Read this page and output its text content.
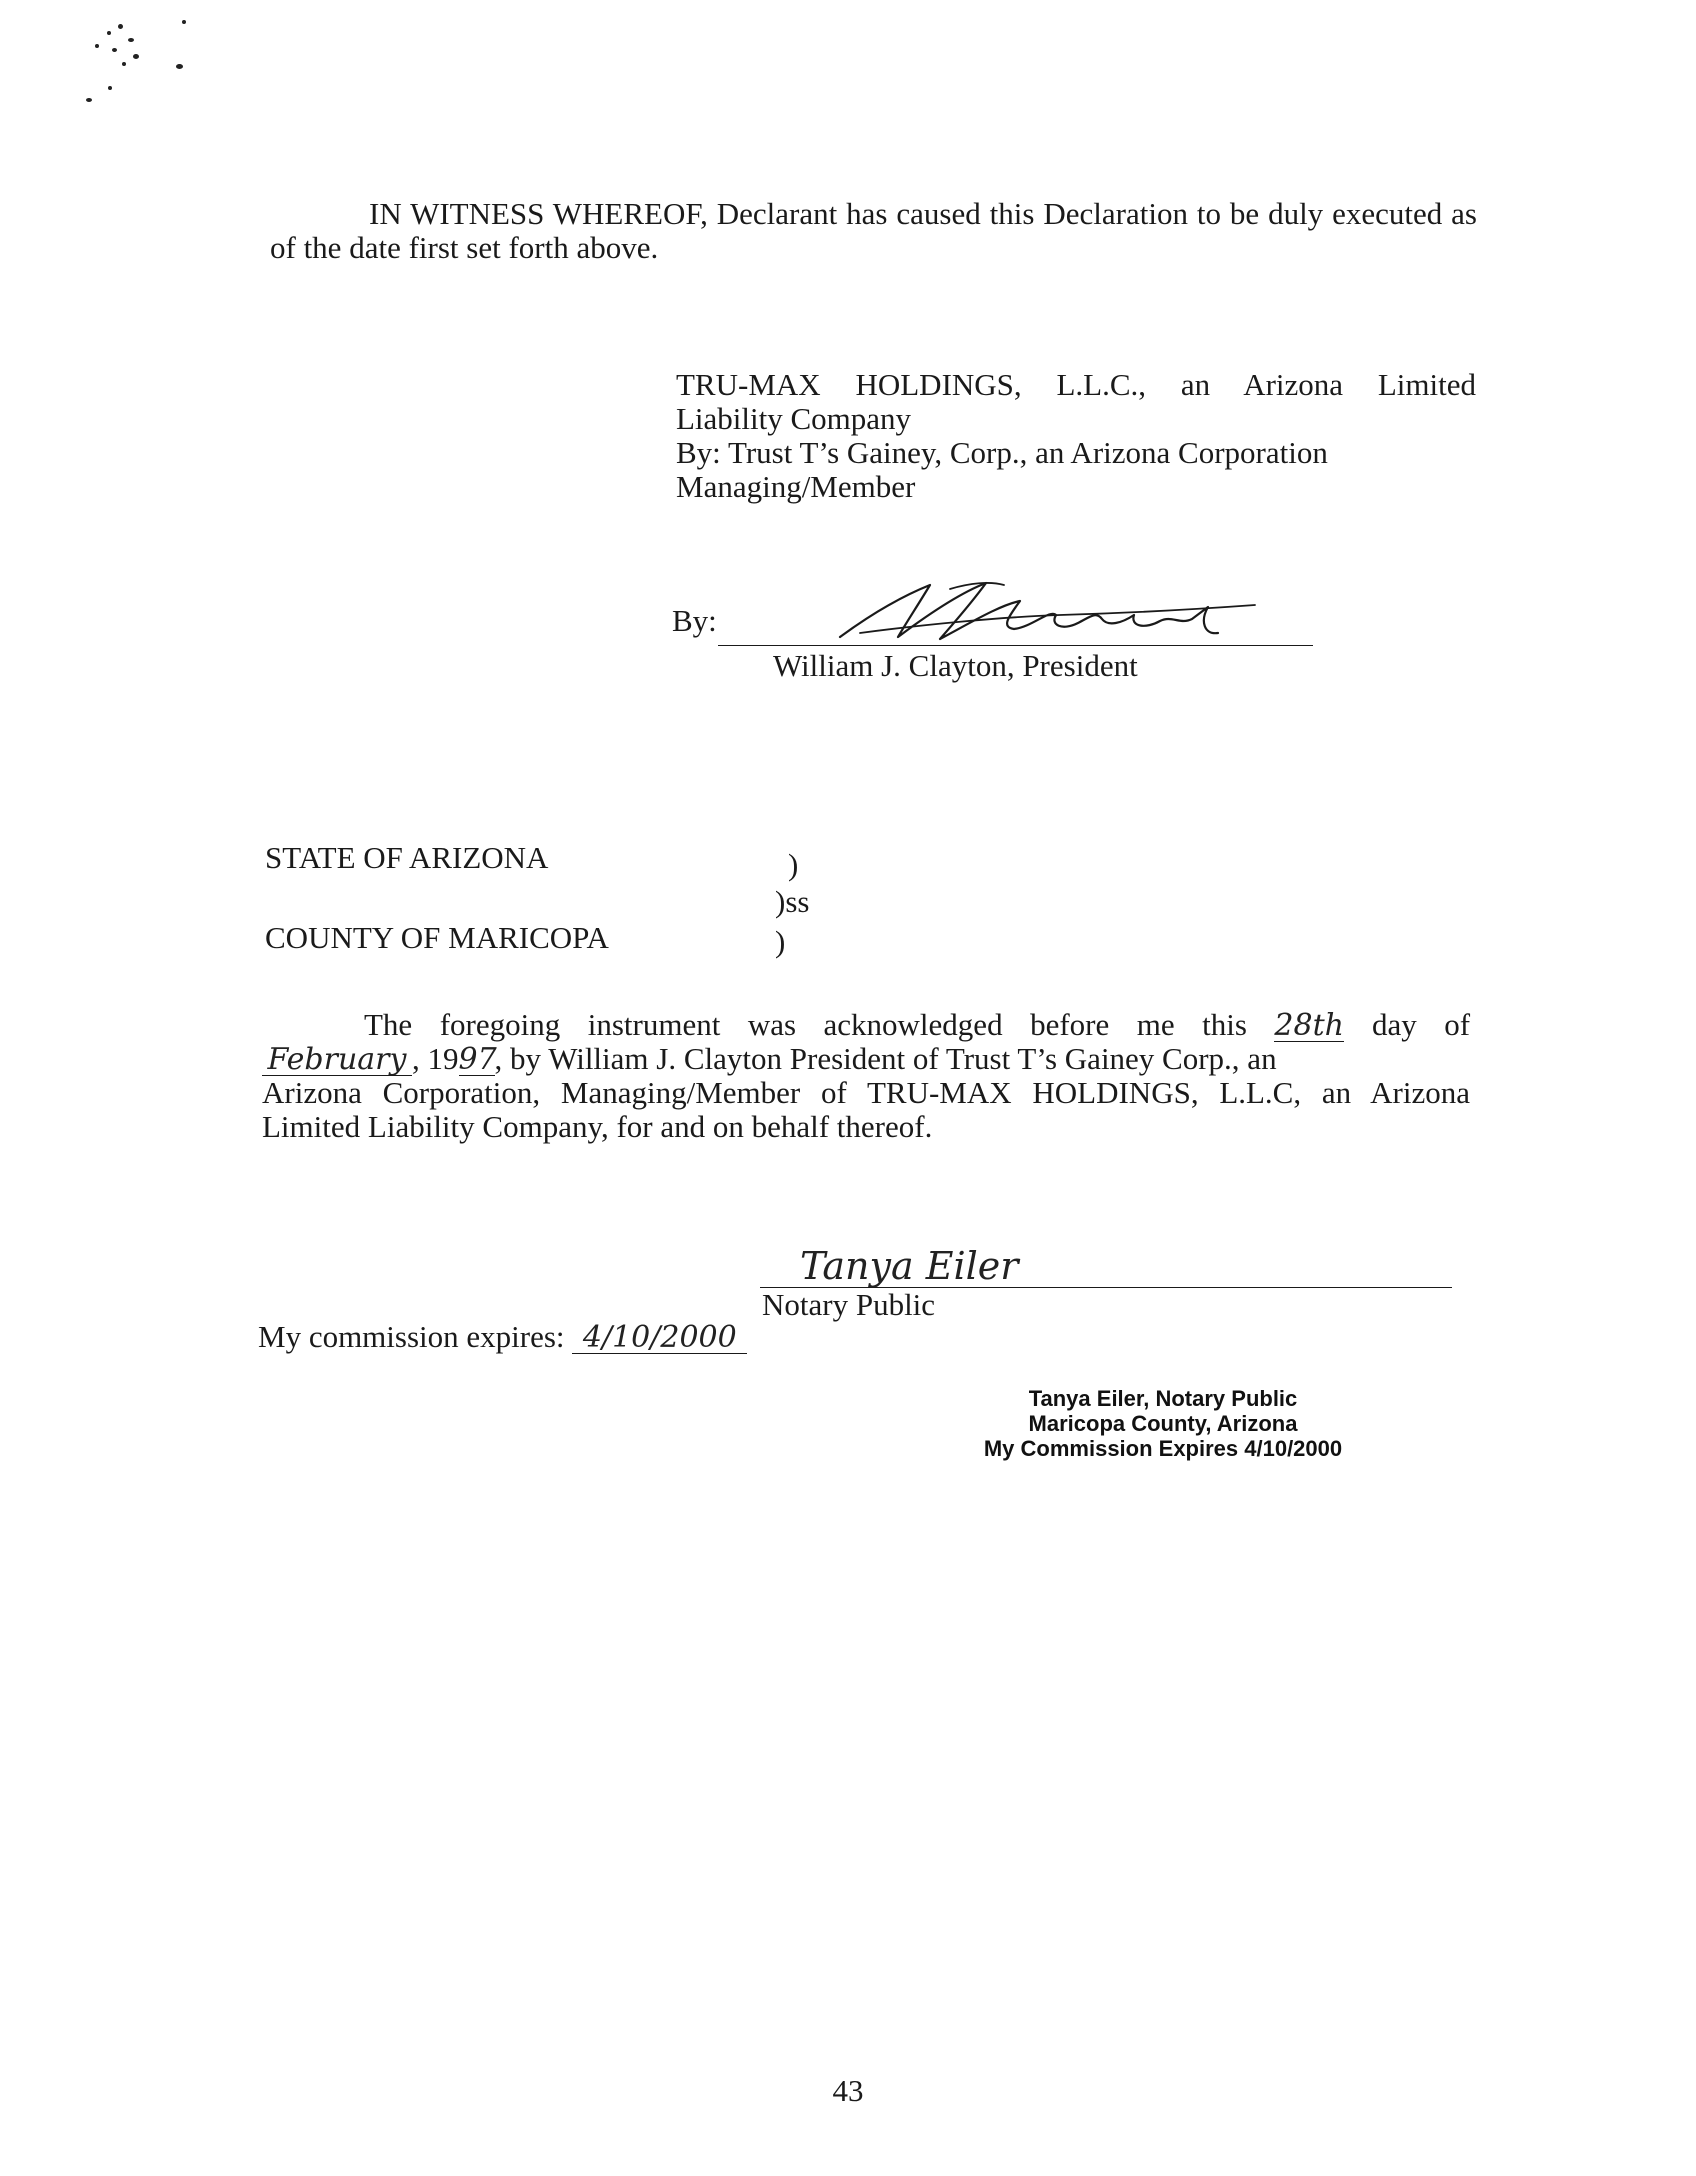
IN WITNESS WHEREOF, Declarant has caused this Declaration to be duly executed as of the date first set forth above.
TRU-MAX HOLDINGS, L.L.C., an Arizona Limited
Liability Company
By: Trust T’s Gainey, Corp., an Arizona Corporation
Managing/Member
By:
William J. Clayton, President
STATE OF ARIZONA
COUNTY OF MARICOPA
)
)ss
)
The foregoing instrument was acknowledged before me this 28th day of
February , 1997, by William J. Clayton President of Trust T’s Gainey Corp., an
Arizona Corporation, Managing/Member of TRU-MAX HOLDINGS, L.L.C, an Arizona
Limited Liability Company, for and on behalf thereof.
Tanya Eiler
Notary Public
My commission expires: 4/10/2000
Tanya Eiler, Notary Public
Maricopa County, Arizona
My Commission Expires 4/10/2000
43
